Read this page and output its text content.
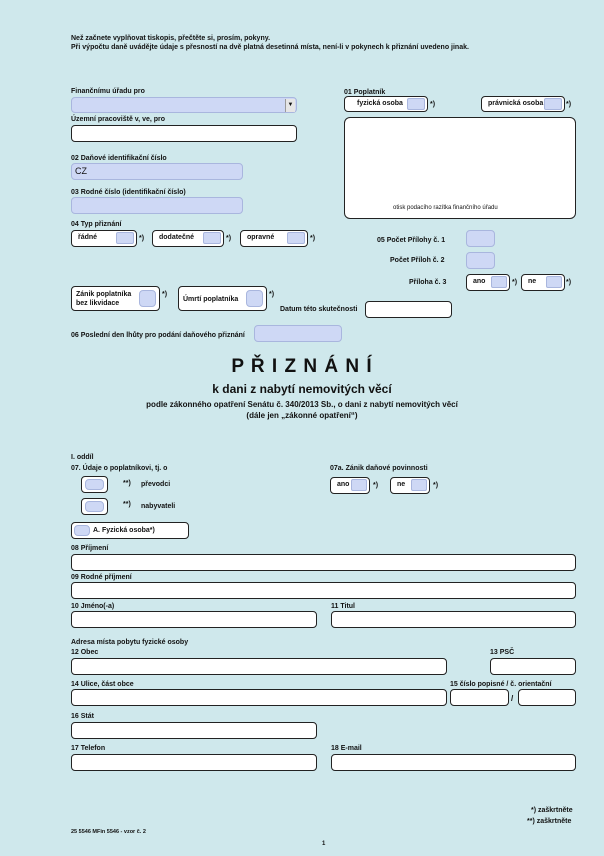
Než začnete vyplňovat tiskopis, přečtěte si, prosím, pokyny.
Při výpočtu daně uvádějte údaje s přesností na dvě platná desetinná místa, není-li v pokynech k přiznání uvedeno jinak.
Finančnímu úřadu pro
▼
Územní pracoviště v, ve, pro
01 Poplatník
fyzická osoba	*)	právnická osoba	*)
otisk podacího razítka finančního úřadu
02 Daňové identifikační číslo
CZ
03 Rodné číslo (identifikační číslo)
04 Typ přiznání
řádné	*)	dodatečné	*)	opravné	*)	05 Počet Přílohy č. 1
Počet Příloh č. 2
Příloha č. 3	ano	*)	ne	*)
Zánik poplatníka
bez likvidace
*)
Úmrtí poplatníka
*)
Datum této skutečnosti
06 Poslední den lhůty pro podání daňového přiznání
P Ř I Z N Á N Í
k dani z nabytí nemovitých věcí
podle zákonného opatření Senátu č. 340/2013 Sb., o dani z nabytí nemovitých věcí
(dále jen „zákonné opatření“)
I. oddíl
07. Údaje o poplatníkovi, tj. o
**) převodci
**) nabyvateli
07a. Zánik daňové povinnosti
ano	*)	ne	*)
A. Fyzická osoba*)
08 Příjmení
09 Rodné příjmení
10 Jméno(-a)	11 Titul
Adresa místa pobytu fyzické osoby
12 Obec	13 PSČ
14 Ulice, část obce	15 číslo popisné / č. orientační
/
16 Stát
17 Telefon	18 E-mail
*) zaškrtněte
**) zaškrtněte
25 5546 MFin 5546 - vzor č. 2
1
